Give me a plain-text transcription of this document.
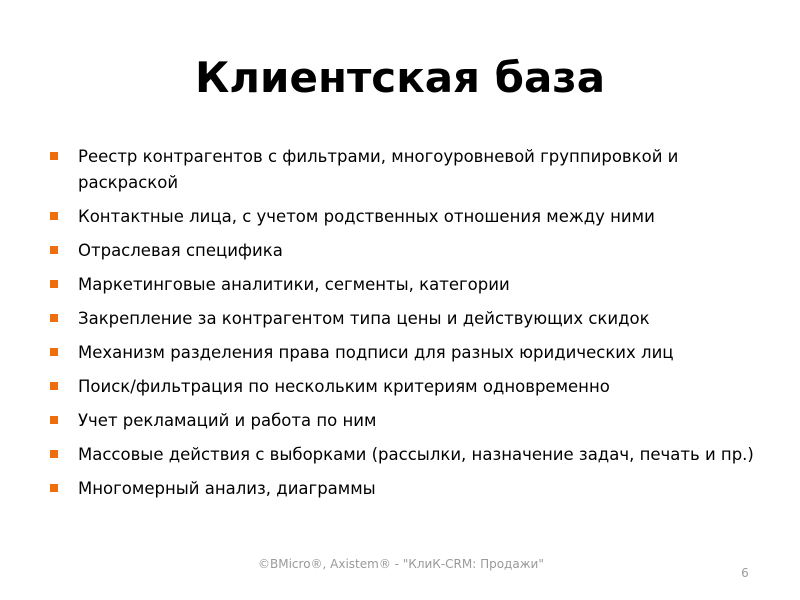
Клиентская база
Реестр контрагентов с фильтрами, многоуровневой группировкой и раскраской
Контактные лица, с учетом родственных отношения между ними
Отраслевая специфика
Маркетинговые аналитики, сегменты, категории
Закрепление за контрагентом типа цены и действующих скидок
Механизм разделения права подписи для разных юридических лиц
Поиск/фильтрация по нескольким критериям одновременно
Учет рекламаций и работа по ним
Массовые действия с выборками (рассылки, назначение задач, печать и пр.)
Многомерный анализ, диаграммы
©BMicro®, Axistem® - "КлиК-CRM: Продажи"
6
